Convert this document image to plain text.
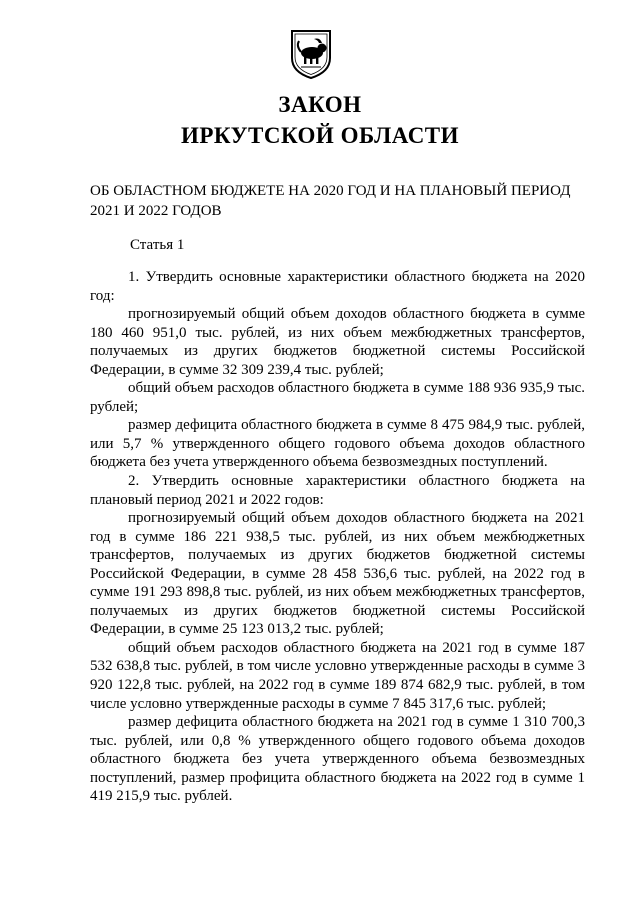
ЗАКОН
ИРКУТСКОЙ ОБЛАСТИ
ОБ ОБЛАСТНОМ БЮДЖЕТЕ НА 2020 ГОД И НА ПЛАНОВЫЙ ПЕРИОД 2021 И 2022 ГОДОВ
Статья 1

1. Утвердить основные характеристики областного бюджета на 2020 год:

прогнозируемый общий объем доходов областного бюджета в сумме 180 460 951,0 тыс. рублей, из них объем межбюджетных трансфертов, получаемых из других бюджетов бюджетной системы Российской Федерации, в сумме 32 309 239,4 тыс. рублей;

общий объем расходов областного бюджета в сумме 188 936 935,9 тыс. рублей;

размер дефицита областного бюджета в сумме 8 475 984,9 тыс. рублей, или 5,7 % утвержденного общего годового объема доходов областного бюджета без учета утвержденного объема безвозмездных поступлений.

2. Утвердить основные характеристики областного бюджета на плановый период 2021 и 2022 годов:

прогнозируемый общий объем доходов областного бюджета на 2021 год в сумме 186 221 938,5 тыс. рублей, из них объем межбюджетных трансфертов, получаемых из других бюджетов бюджетной системы Российской Федерации, в сумме 28 458 536,6 тыс. рублей, на 2022 год в сумме 191 293 898,8 тыс. рублей, из них объем межбюджетных трансфертов, получаемых из других бюджетов бюджетной системы Российской Федерации, в сумме 25 123 013,2 тыс. рублей;

общий объем расходов областного бюджета на 2021 год в сумме 187 532 638,8 тыс. рублей, в том числе условно утвержденные расходы в сумме 3 920 122,8 тыс. рублей, на 2022 год в сумме 189 874 682,9 тыс. рублей, в том числе условно утвержденные расходы в сумме 7 845 317,6 тыс. рублей;

размер дефицита областного бюджета на 2021 год в сумме 1 310 700,3 тыс. рублей, или 0,8 % утвержденного общего годового объема доходов областного бюджета без учета утвержденного объема безвозмездных поступлений, размер профицита областного бюджета на 2022 год в сумме 1 419 215,9 тыс. рублей.
